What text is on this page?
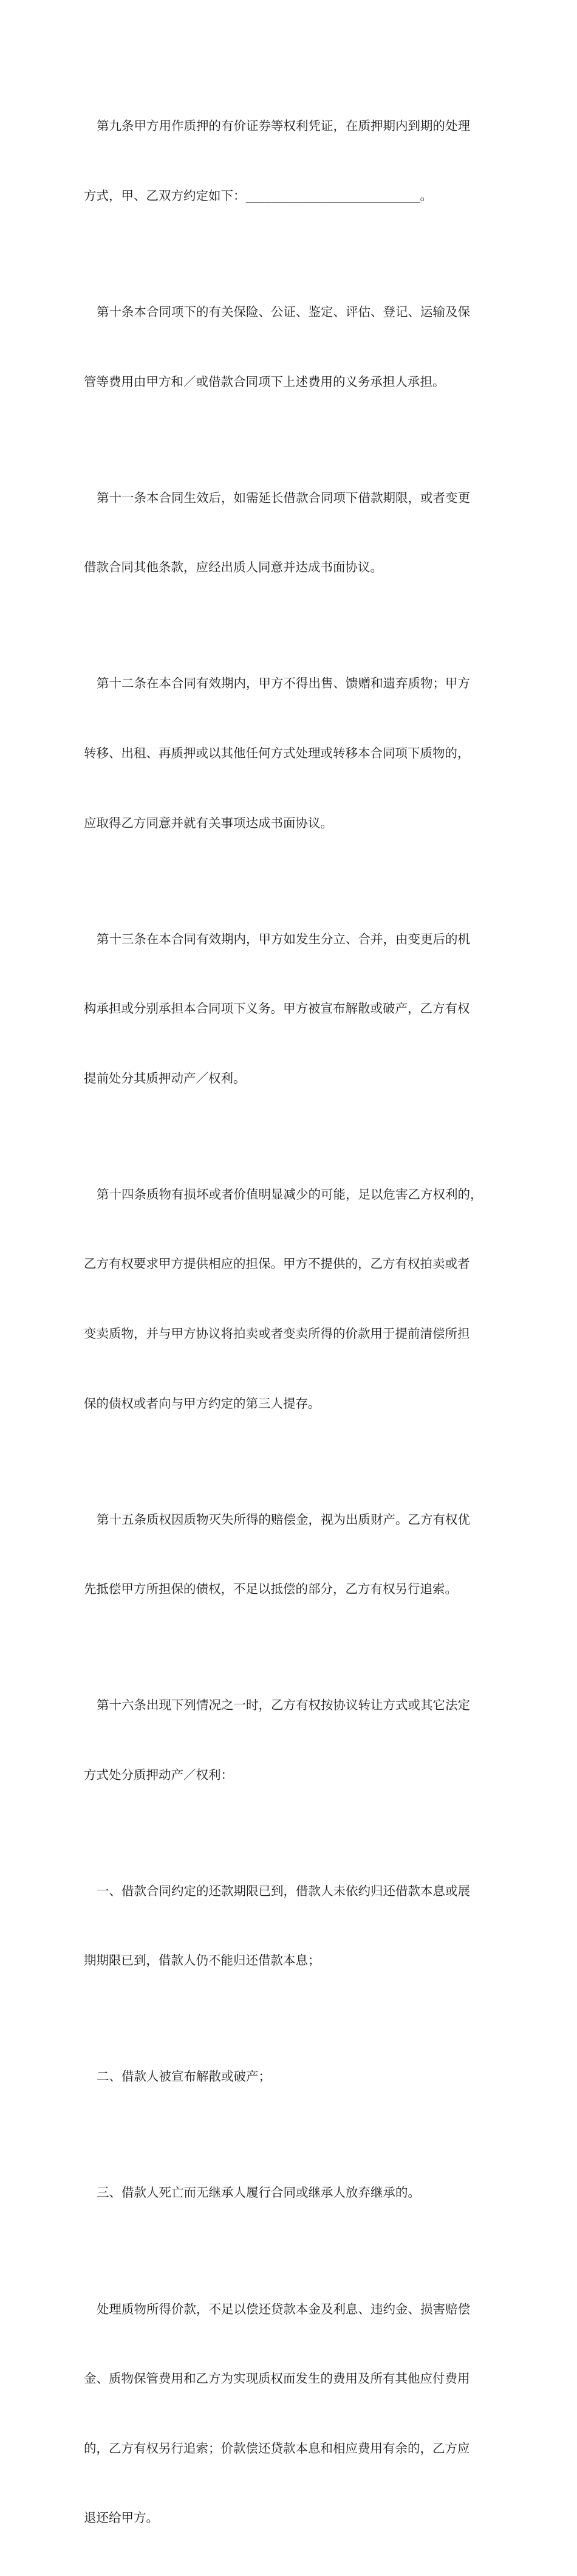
第九条甲方用作质押的有价证券等权利凭证，在质押期内到期的处理

方式，甲、乙双方约定如下：____________________________。

第十条本合同项下的有关保险、公证、鉴定、评估、登记、运输及保

管等费用由甲方和／或借款合同项下上述费用的义务承担人承担。

第十一条本合同生效后，如需延长借款合同项下借款期限，或者变更

借款合同其他条款，应经出质人同意并达成书面协议。

第十二条在本合同有效期内，甲方不得出售、馈赠和遗弃质物；甲方

转移、出租、再质押或以其他任何方式处理或转移本合同项下质物的，

应取得乙方同意并就有关事项达成书面协议。

第十三条在本合同有效期内，甲方如发生分立、合并，由变更后的机

构承担或分别承担本合同项下义务。甲方被宣布解散或破产，乙方有权

提前处分其质押动产／权利。

第十四条质物有损坏或者价值明显减少的可能，足以危害乙方权利的，

乙方有权要求甲方提供相应的担保。甲方不提供的，乙方有权拍卖或者

变卖质物，并与甲方协议将拍卖或者变卖所得的价款用于提前清偿所担

保的债权或者向与甲方约定的第三人提存。

第十五条质权因质物灭失所得的赔偿金，视为出质财产。乙方有权优

先抵偿甲方所担保的债权，不足以抵偿的部分，乙方有权另行追索。

第十六条出现下列情况之一时，乙方有权按协议转让方式或其它法定

方式处分质押动产／权利：

一、借款合同约定的还款期限已到，借款人未依约归还借款本息或展

期期限已到，借款人仍不能归还借款本息；

二、借款人被宣布解散或破产；

三、借款人死亡而无继承人履行合同或继承人放弃继承的。

处理质物所得价款，不足以偿还贷款本金及利息、违约金、损害赔偿

金、质物保管费用和乙方为实现质权而发生的费用及所有其他应付费用

的，乙方有权另行追索；价款偿还贷款本息和相应费用有余的，乙方应

退还给甲方。
